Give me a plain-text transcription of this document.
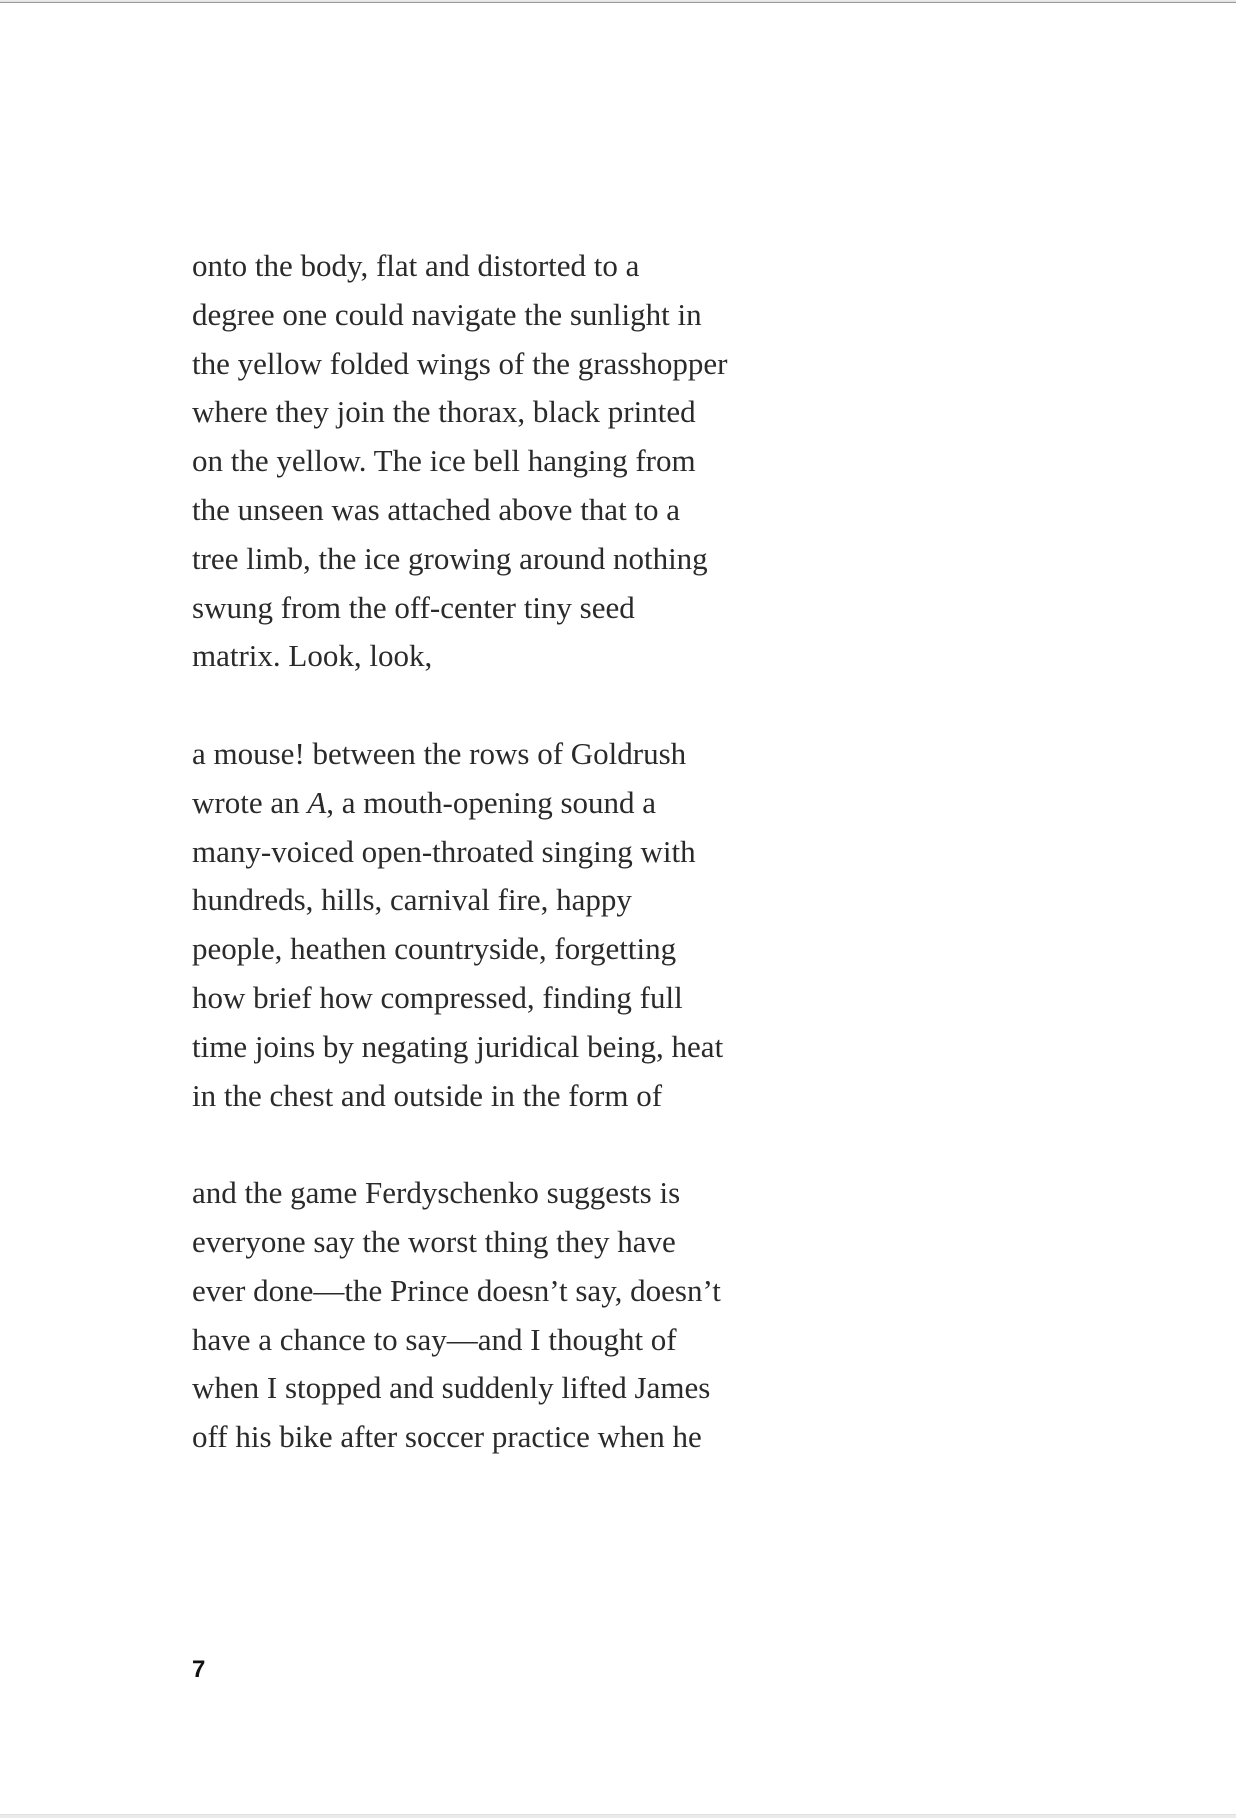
onto the body, flat and distorted to a
degree one could navigate the sunlight in
the yellow folded wings of the grasshopper
where they join the thorax, black printed
on the yellow. The ice bell hanging from
the unseen was attached above that to a
tree limb, the ice growing around nothing
swung from the off-center tiny seed
matrix. Look, look,
a mouse! between the rows of Goldrush
wrote an A, a mouth-opening sound a
many-voiced open-throated singing with
hundreds, hills, carnival fire, happy
people, heathen countryside, forgetting
how brief how compressed, finding full
time joins by negating juridical being, heat
in the chest and outside in the form of
and the game Ferdyschenko suggests is
everyone say the worst thing they have
ever done—the Prince doesn’t say, doesn’t
have a chance to say—and I thought of
when I stopped and suddenly lifted James
off his bike after soccer practice when he
7
